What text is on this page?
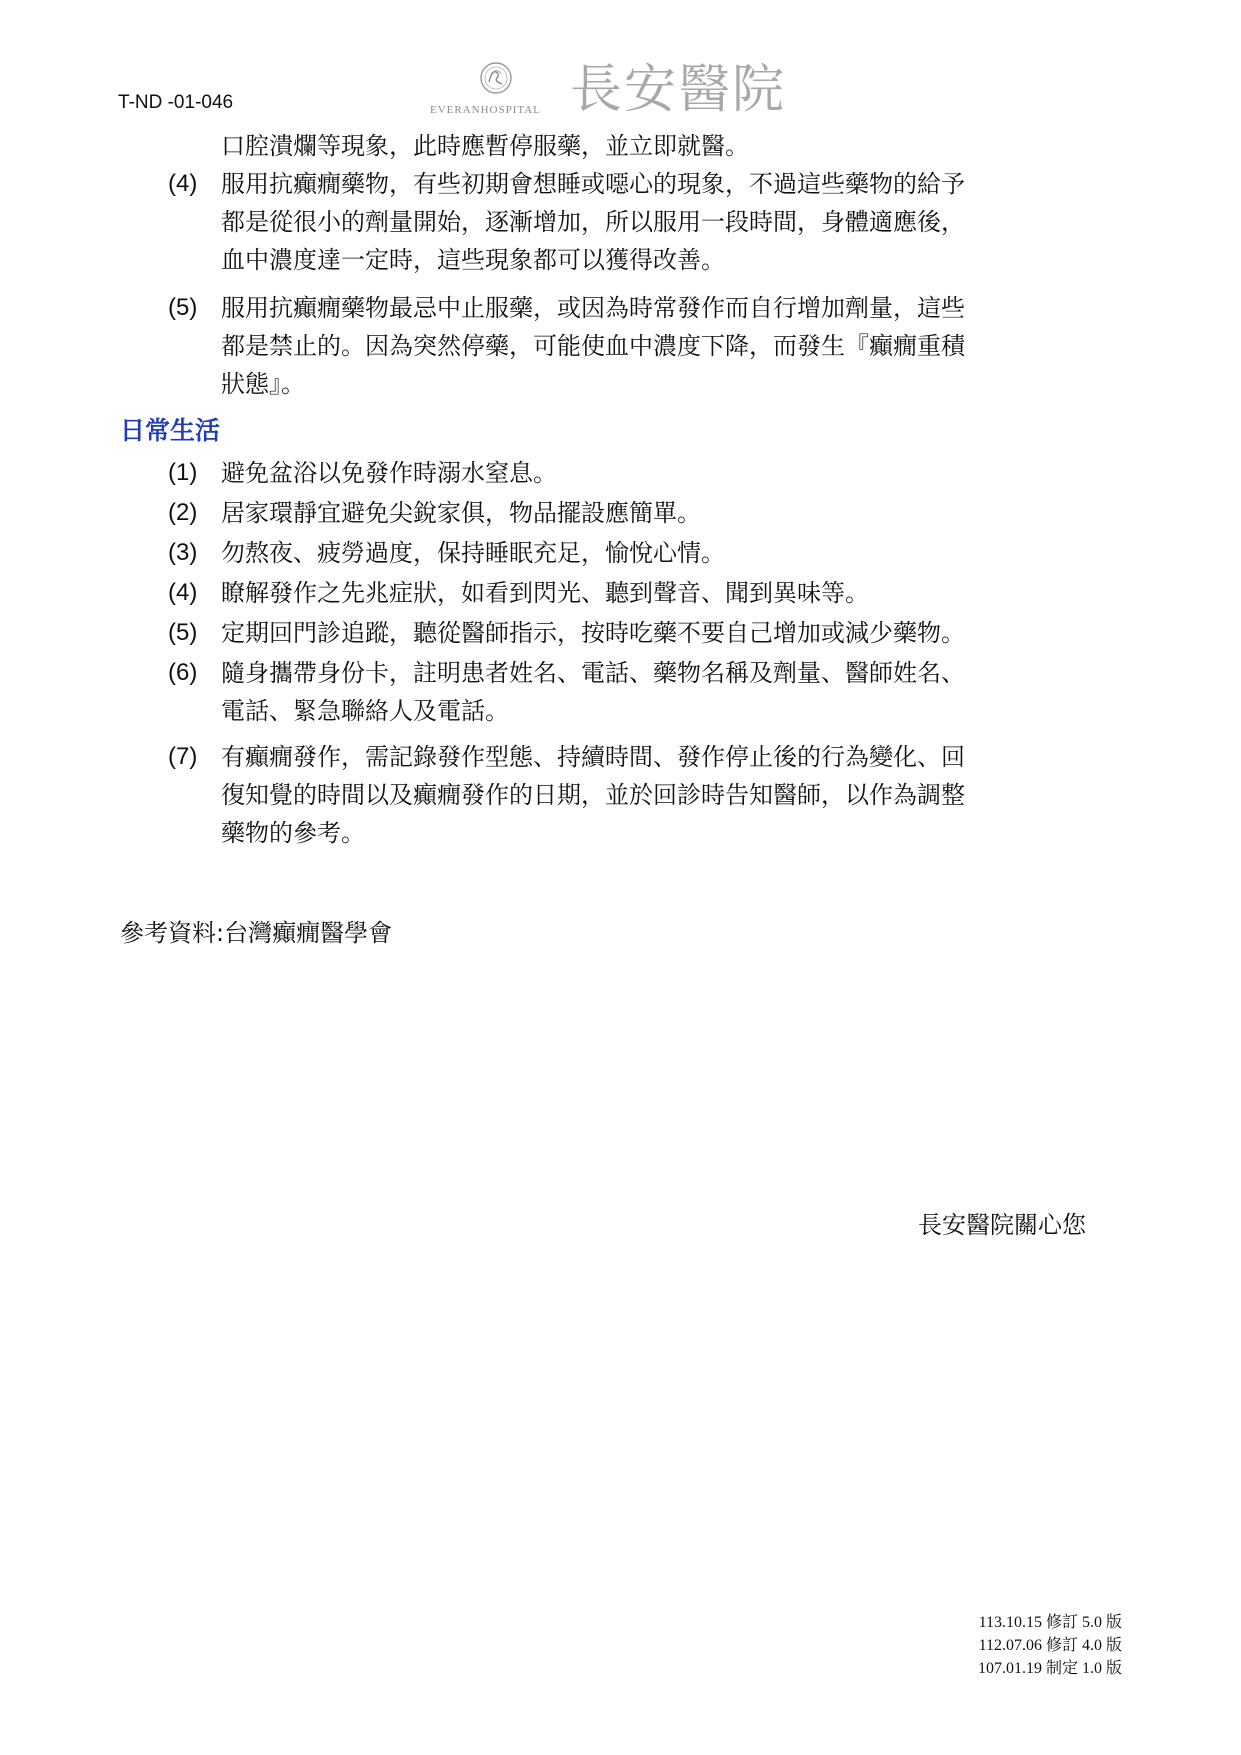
T-ND -01-046	EVERANHOSPITAL 長安醫院
口腔潰爛等現象，此時應暫停服藥，並立即就醫。
(4) 服用抗癲癇藥物，有些初期會想睡或噁心的現象，不過這些藥物的給予
都是從很小的劑量開始，逐漸增加，所以服用一段時間，身體適應後，
血中濃度達一定時，這些現象都可以獲得改善。
(5) 服用抗癲癇藥物最忌中止服藥，或因為時常發作而自行增加劑量，這些
都是禁止的。因為突然停藥，可能使血中濃度下降，而發生『癲癇重積
狀態』。
日常生活
(1) 避免盆浴以免發作時溺水窒息。
(2) 居家環靜宜避免尖銳家俱，物品擺設應簡單。
(3) 勿熬夜、疲勞過度，保持睡眠充足，愉悅心情。
(4) 瞭解發作之先兆症狀，如看到閃光、聽到聲音、聞到異味等。
(5) 定期回門診追蹤，聽從醫師指示，按時吃藥不要自己增加或減少藥物。
(6) 隨身攜帶身份卡，註明患者姓名、電話、藥物名稱及劑量、醫師姓名、
電話、緊急聯絡人及電話。
(7) 有癲癇發作，需記錄發作型態、持續時間、發作停止後的行為變化、回
復知覺的時間以及癲癇發作的日期，並於回診時告知醫師，以作為調整
藥物的參考。
參考資料:台灣癲癇醫學會
長安醫院關心您
113.10.15 修訂 5.0 版
112.07.06 修訂 4.0 版
107.01.19 制定 1.0 版
